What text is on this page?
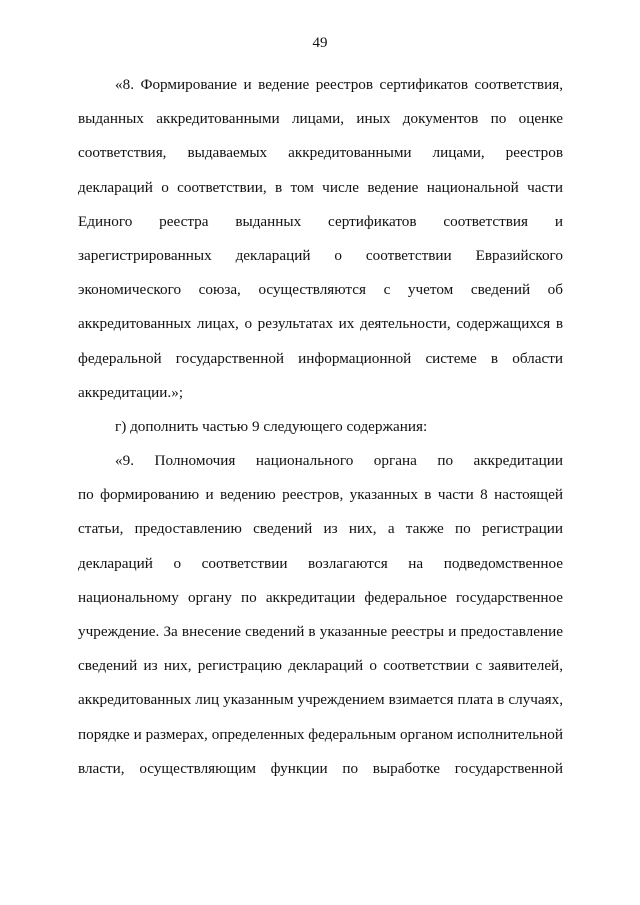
49
«8. Формирование и ведение реестров сертификатов соответствия,
выданных аккредитованными лицами, иных документов по оценке
соответствия, выдаваемых аккредитованными лицами, реестров
деклараций о соответствии, в том числе ведение национальной части
Единого реестра выданных сертификатов соответствия и
зарегистрированных деклараций о соответствии Евразийского
экономического союза, осуществляются с учетом сведений об
аккредитованных лицах, о результатах их деятельности, содержащихся в
федеральной государственной информационной системе в области
аккредитации.»;
г) дополнить частью 9 следующего содержания:
«9. Полномочия национального органа по аккредитации
по формированию и ведению реестров, указанных в части 8 настоящей
статьи, предоставлению сведений из них, а также по регистрации
деклараций о соответствии возлагаются на подведомственное
национальному органу по аккредитации федеральное государственное
учреждение. За внесение сведений в указанные реестры и предоставление
сведений из них, регистрацию деклараций о соответствии с заявителей,
аккредитованных лиц указанным учреждением взимается плата в случаях,
порядке и размерах, определенных федеральным органом исполнительной
власти, осуществляющим функции по выработке государственной
